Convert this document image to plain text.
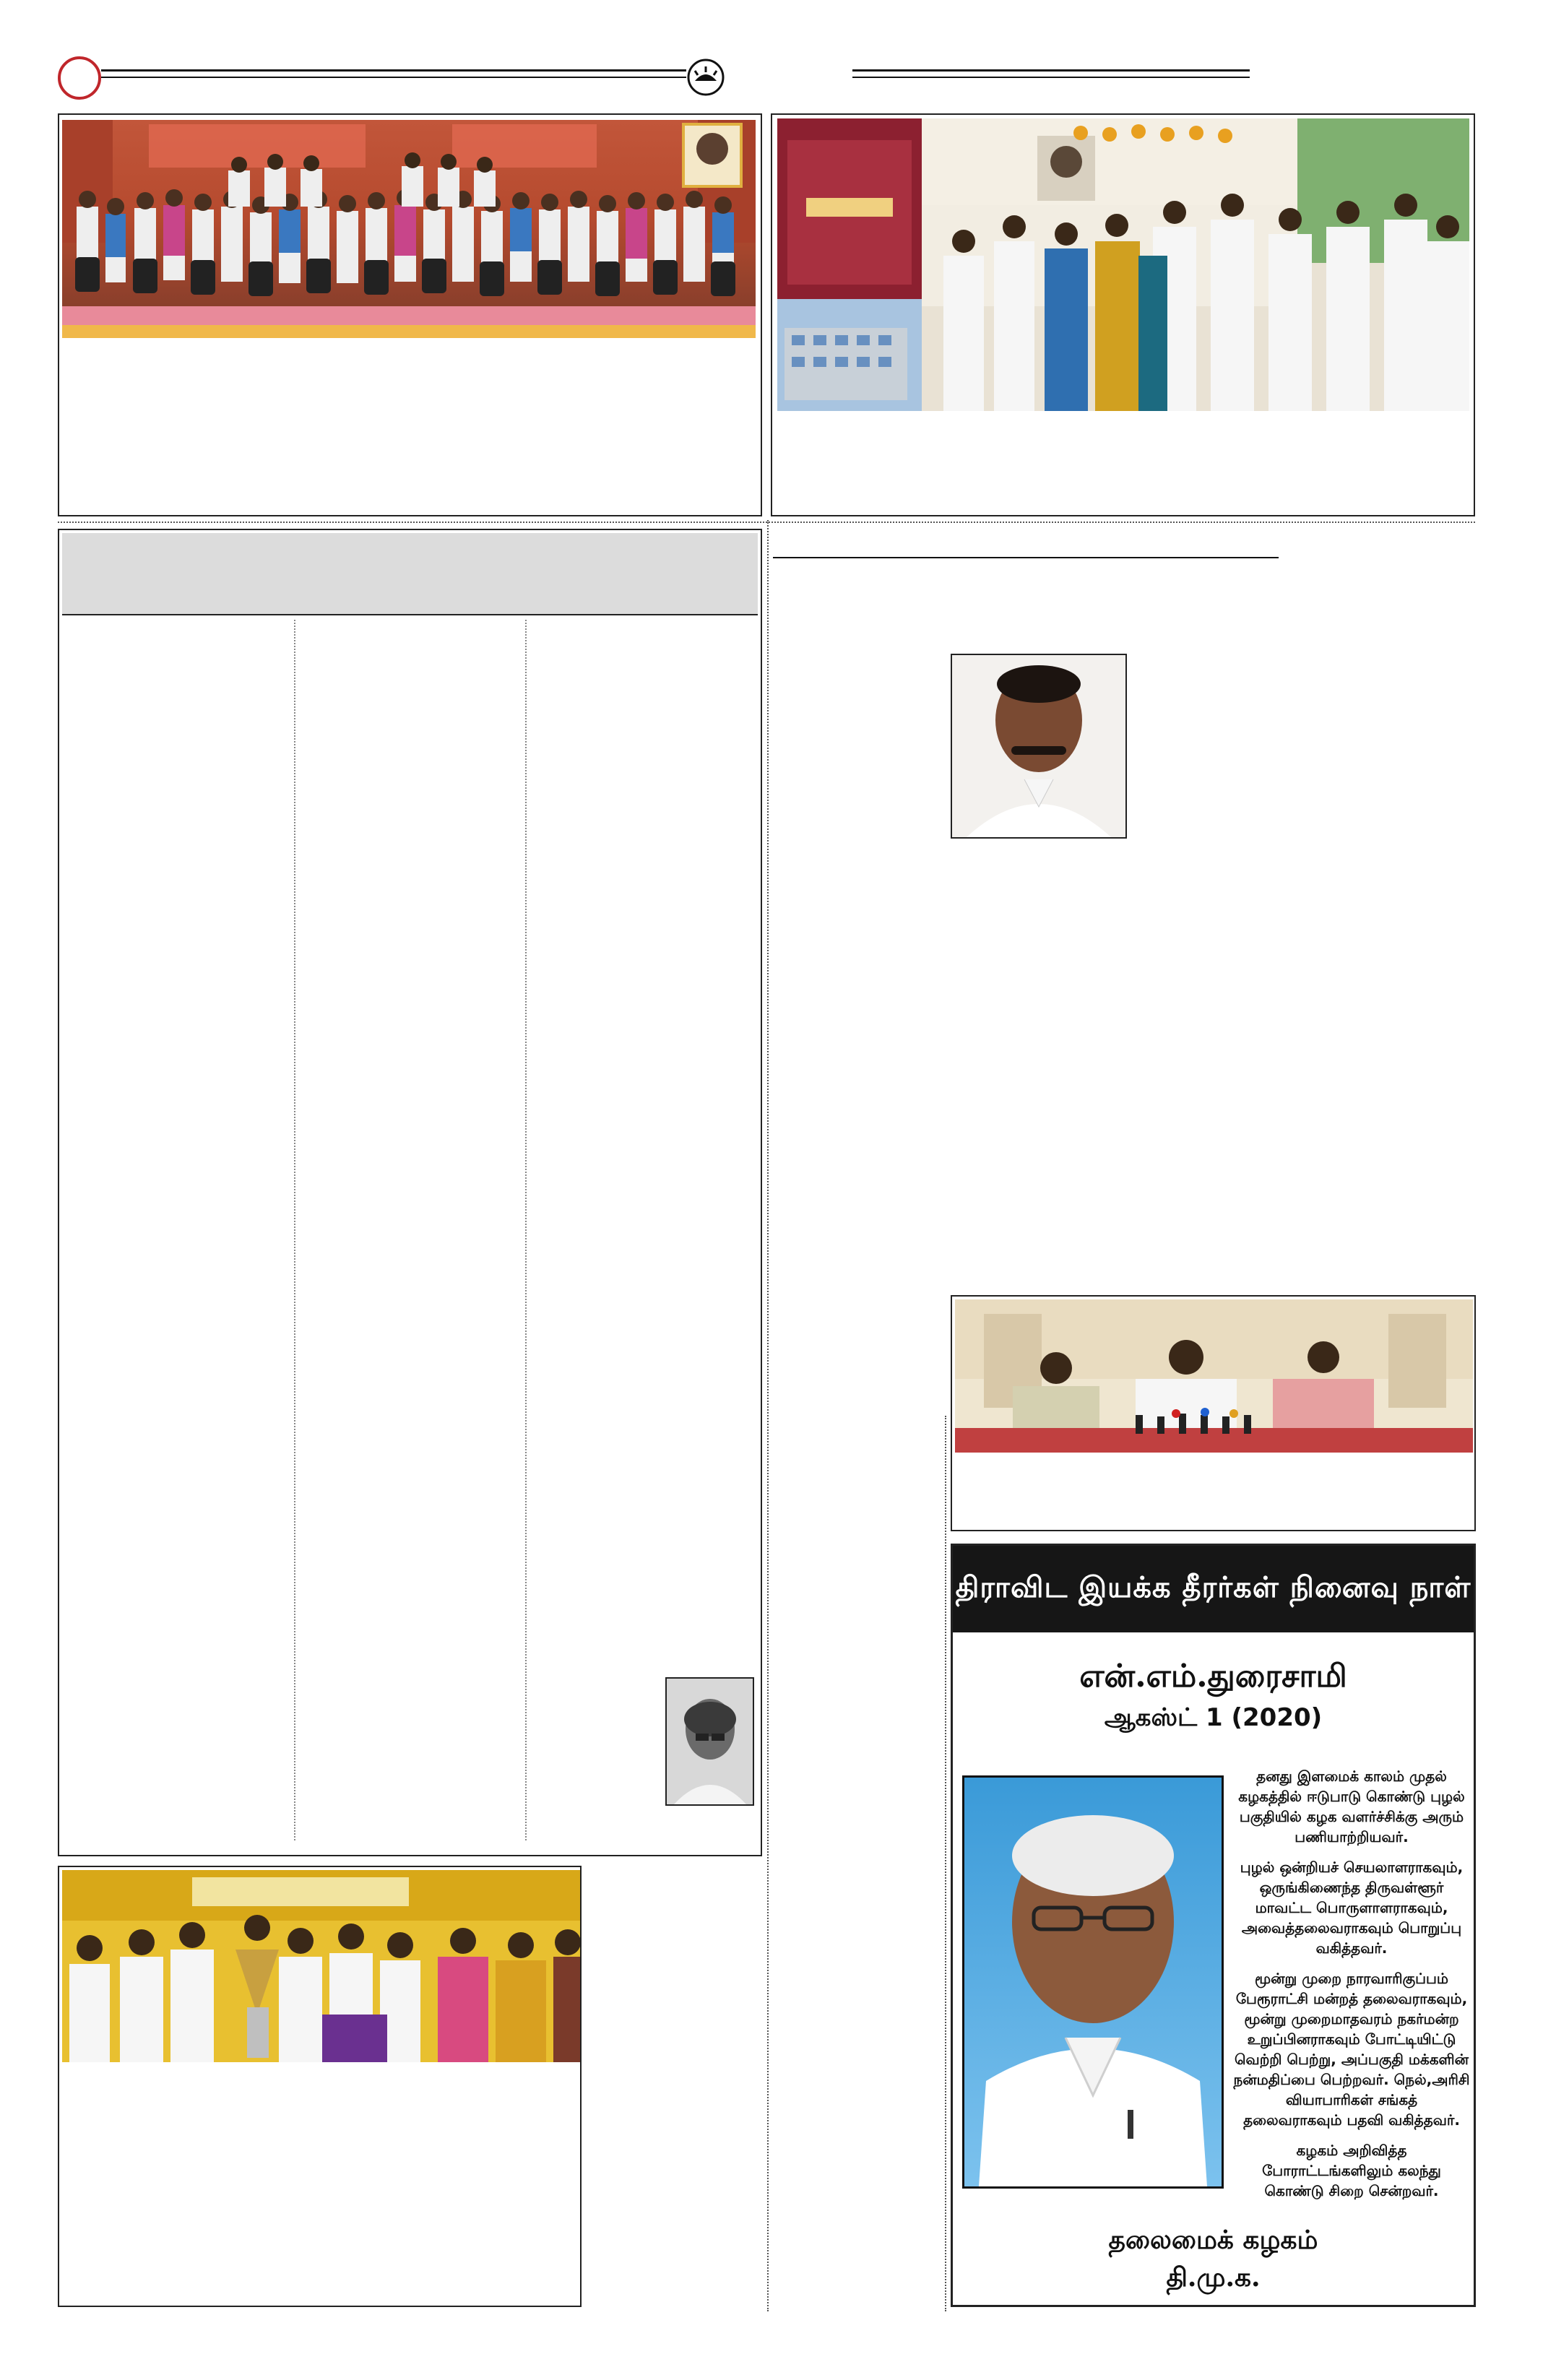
திராவிட இயக்க தீரர்கள் நினைவு நாள்
என்.எம்.துரைசாமி
ஆகஸ்ட் 1 (2020)

தனது இளமைக் காலம் முதல்
கழகத்தில் ஈடுபாடு கொண்டு புழல்
பகுதியில் கழக வளர்ச்சிக்கு அரும்
பணியாற்றியவர்.

புழல் ஒன்றியச் செயலாளராகவும்,
ஒருங்கிணைந்த திருவள்ளூர்
மாவட்ட பொருளாளராகவும்,
அவைத்தலைவராகவும் பொறுப்பு
வகித்தவர்.

மூன்று முறை நாரவாரிகுப்பம்
பேரூராட்சி மன்றத் தலைவராகவும்,
மூன்று முறைமாதவரம் நகர்மன்ற
உறுப்பினராகவும் போட்டியிட்டு
வெற்றி பெற்று, அப்பகுதி மக்களின்
நன்மதிப்பை பெற்றவர். நெல்,அரிசி
வியாபாரிகள் சங்கத்
தலைவராகவும் பதவி வகித்தவர்.

கழகம் அறிவித்த
போராட்டங்களிலும் கலந்து
கொண்டு சிறை சென்றவர்.

தலைமைக் கழகம்
தி.மு.க.
